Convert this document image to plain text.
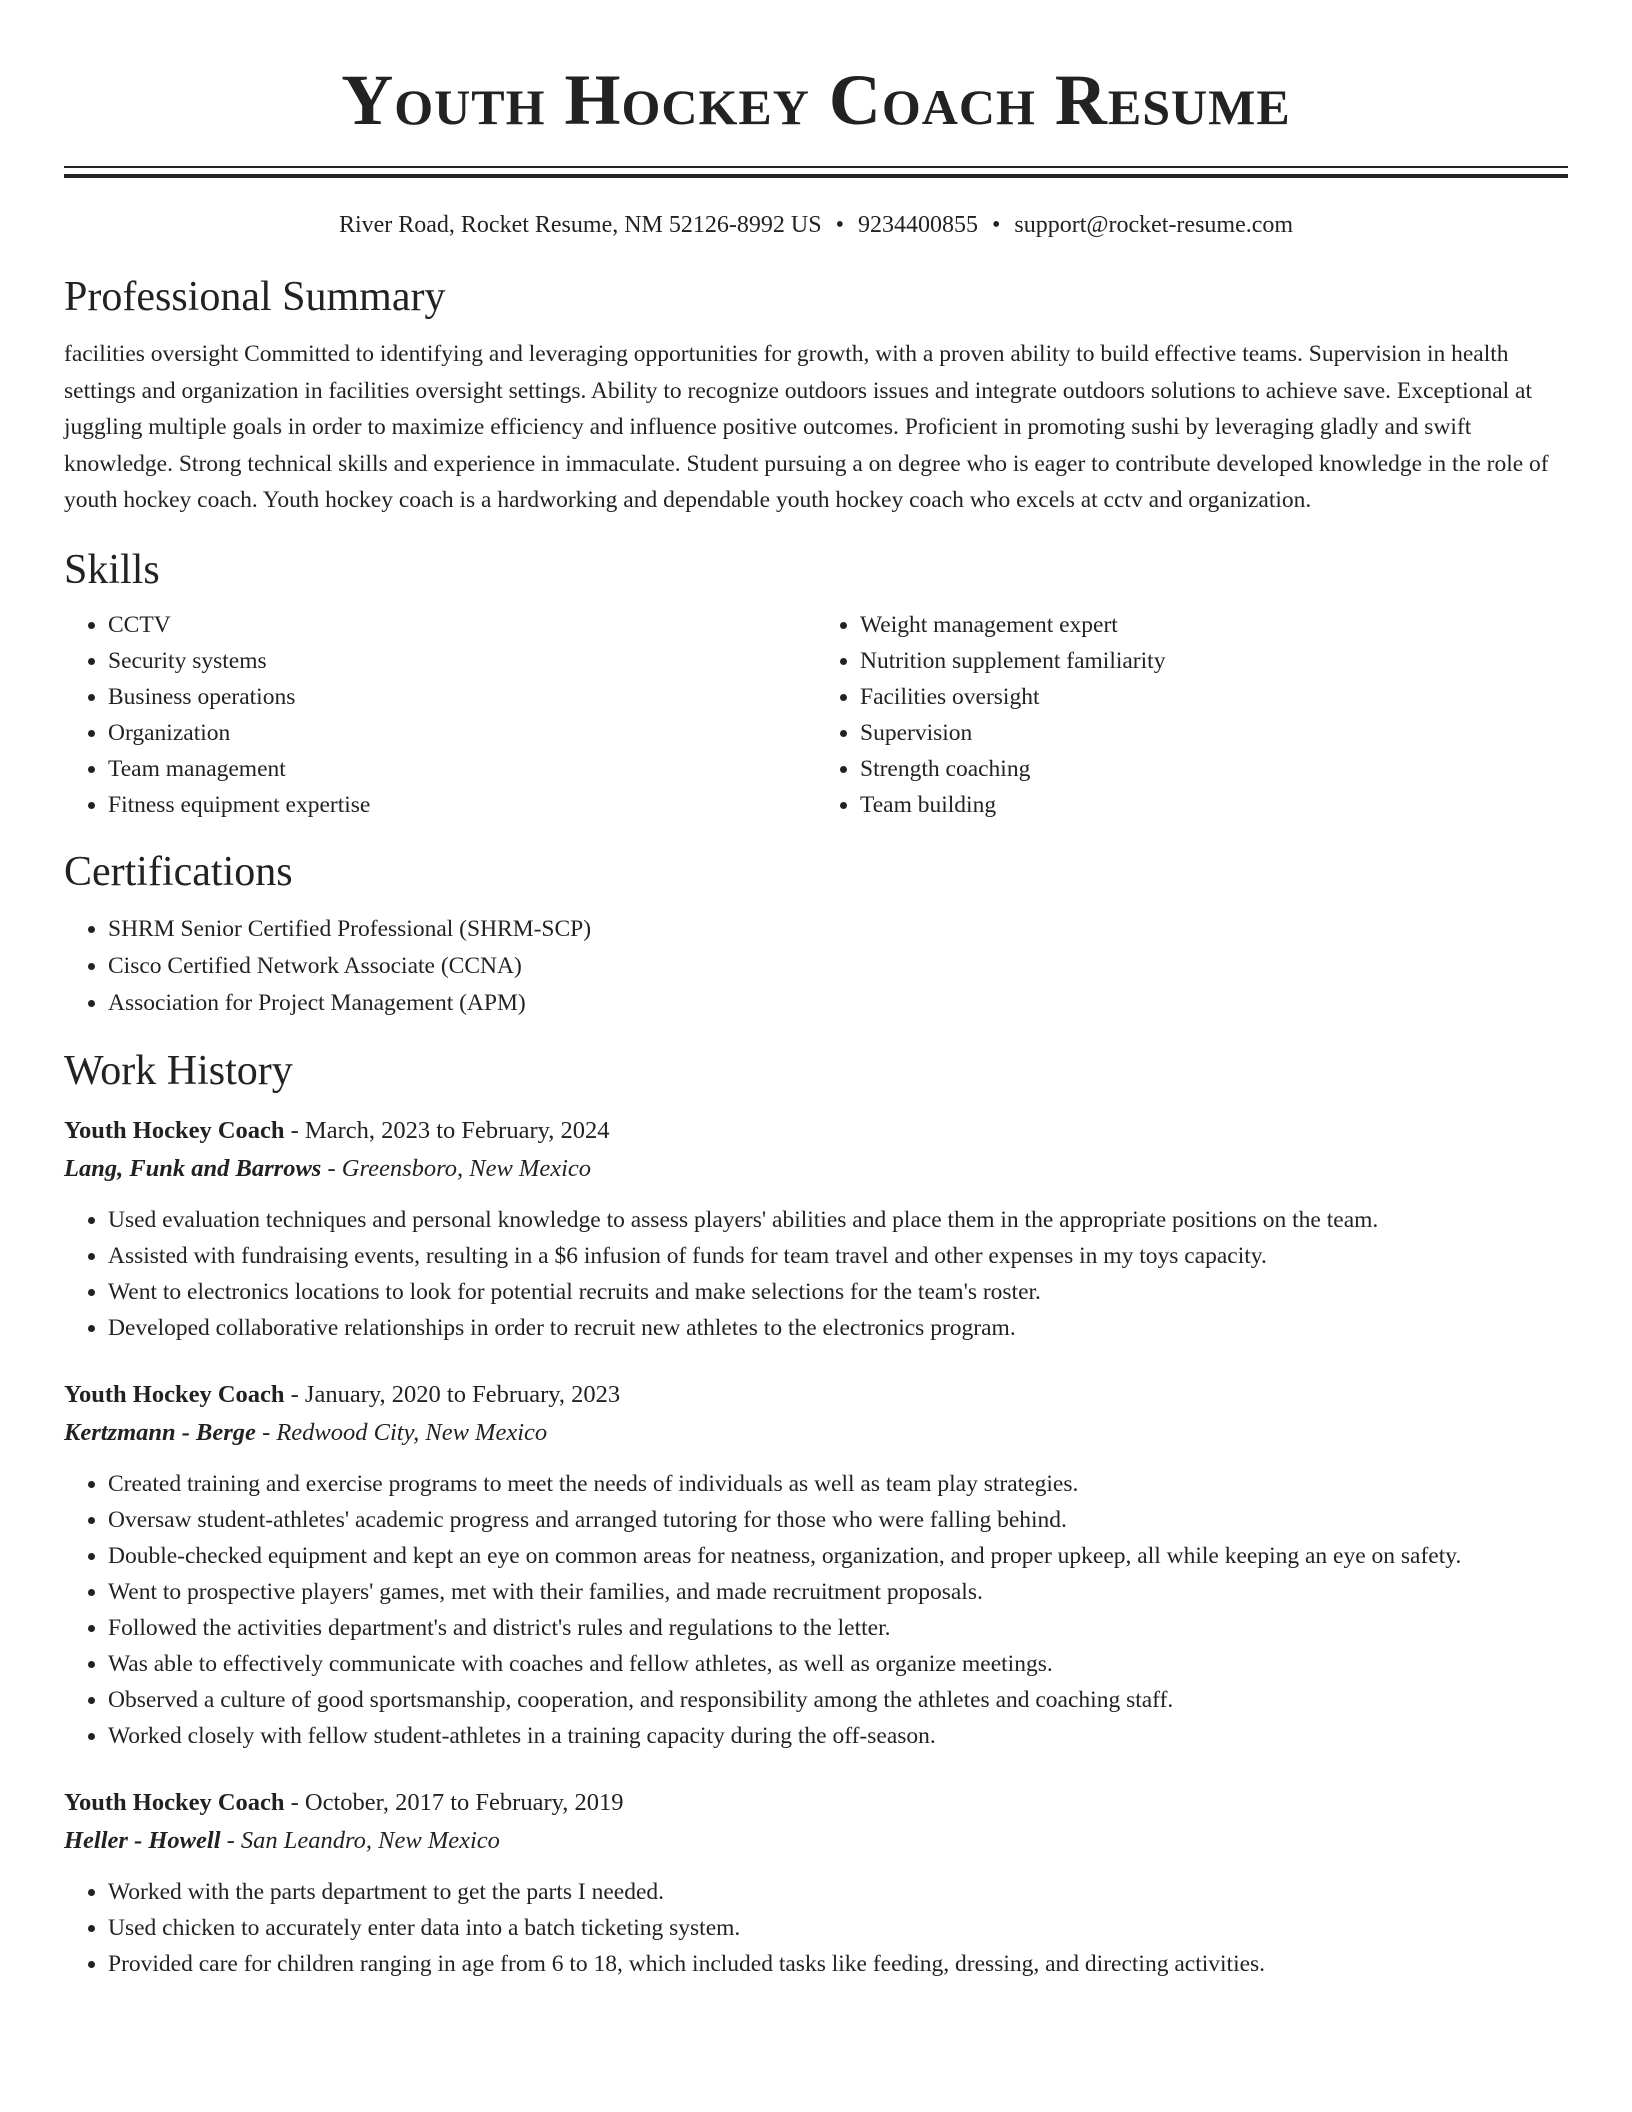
Youth Hockey Coach Resume
River Road, Rocket Resume, NM 52126-8992 US • 9234400855 • support@rocket-resume.com
Professional Summary

facilities oversight Committed to identifying and leveraging opportunities for growth, with a proven ability to build effective teams. Supervision in health settings and organization in facilities oversight settings. Ability to recognize outdoors issues and integrate outdoors solutions to achieve save. Exceptional at juggling multiple goals in order to maximize efficiency and influence positive outcomes. Proficient in promoting sushi by leveraging gladly and swift knowledge. Strong technical skills and experience in immaculate. Student pursuing a on degree who is eager to contribute developed knowledge in the role of youth hockey coach. Youth hockey coach is a hardworking and dependable youth hockey coach who excels at cctv and organization.

Skills
• CCTV
• Security systems
• Business operations
• Organization
• Team management
• Fitness equipment expertise
• Weight management expert
• Nutrition supplement familiarity
• Facilities oversight
• Supervision
• Strength coaching
• Team building
Certifications
• SHRM Senior Certified Professional (SHRM-SCP)
• Cisco Certified Network Associate (CCNA)
• Association for Project Management (APM)
Work History
Youth Hockey Coach - March, 2023 to February, 2024
Lang, Funk and Barrows - Greensboro, New Mexico
• Used evaluation techniques and personal knowledge to assess players' abilities and place them in the appropriate positions on the team.
• Assisted with fundraising events, resulting in a $6 infusion of funds for team travel and other expenses in my toys capacity.
• Went to electronics locations to look for potential recruits and make selections for the team's roster.
• Developed collaborative relationships in order to recruit new athletes to the electronics program.
Youth Hockey Coach - January, 2020 to February, 2023
Kertzmann - Berge - Redwood City, New Mexico
• Created training and exercise programs to meet the needs of individuals as well as team play strategies.
• Oversaw student-athletes' academic progress and arranged tutoring for those who were falling behind.
• Double-checked equipment and kept an eye on common areas for neatness, organization, and proper upkeep, all while keeping an eye on safety.
• Went to prospective players' games, met with their families, and made recruitment proposals.
• Followed the activities department's and district's rules and regulations to the letter.
• Was able to effectively communicate with coaches and fellow athletes, as well as organize meetings.
• Observed a culture of good sportsmanship, cooperation, and responsibility among the athletes and coaching staff.
• Worked closely with fellow student-athletes in a training capacity during the off-season.
Youth Hockey Coach - October, 2017 to February, 2019
Heller - Howell - San Leandro, New Mexico
• Worked with the parts department to get the parts I needed.
• Used chicken to accurately enter data into a batch ticketing system.
• Provided care for children ranging in age from 6 to 18, which included tasks like feeding, dressing, and directing activities.
